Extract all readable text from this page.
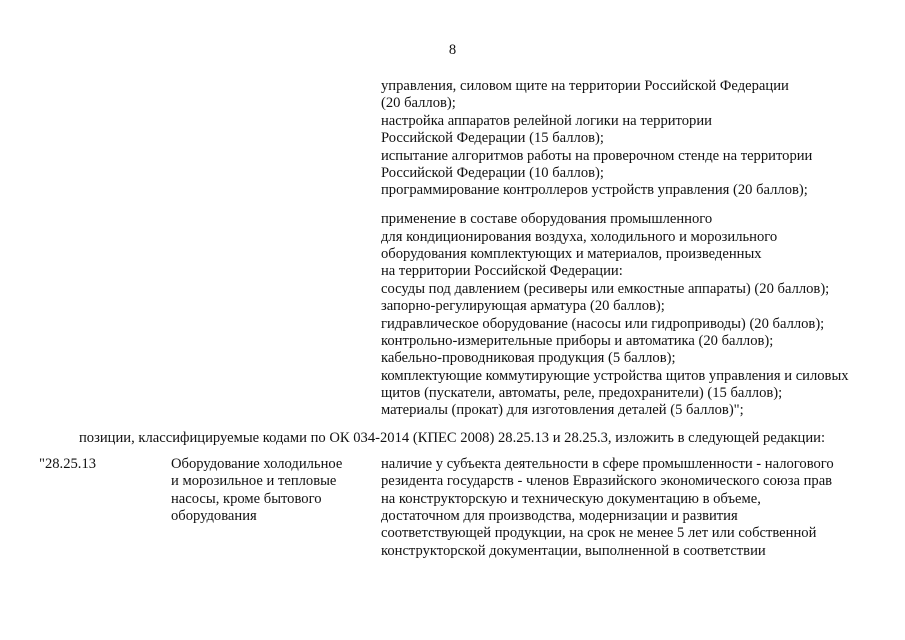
8
управления, силовом щите на территории Российской Федерации
(20 баллов);
настройка аппаратов релейной логики на территории
Российской Федерации (15 баллов);
испытание алгоритмов работы на проверочном стенде на территории
Российской Федерации (10 баллов);
программирование контроллеров устройств управления (20 баллов);
применение в составе оборудования промышленного
для кондиционирования воздуха, холодильного и морозильного
оборудования комплектующих и материалов, произведенных
на территории Российской Федерации:
сосуды под давлением (ресиверы или емкостные аппараты) (20 баллов);
запорно-регулирующая арматура (20 баллов);
гидравлическое оборудование (насосы или гидроприводы) (20 баллов);
контрольно-измерительные приборы и автоматика (20 баллов);
кабельно-проводниковая продукция (5 баллов);
комплектующие коммутирующие устройства щитов управления и силовых
щитов (пускатели, автоматы, реле, предохранители) (15 баллов);
материалы (прокат) для изготовления деталей (5 баллов)";
позиции, классифицируемые кодами по ОК 034-2014 (КПЕС 2008) 28.25.13 и 28.25.3, изложить в следующей редакции:
"28.25.13	Оборудование холодильное
и морозильное и тепловые
насосы, кроме бытового
оборудования
наличие у субъекта деятельности в сфере промышленности - налогового
резидента государств - членов Евразийского экономического союза прав
на конструкторскую и техническую документацию в объеме,
достаточном для производства, модернизации и развития
соответствующей продукции, на срок не менее 5 лет или собственной
конструкторской документации, выполненной в соответствии
